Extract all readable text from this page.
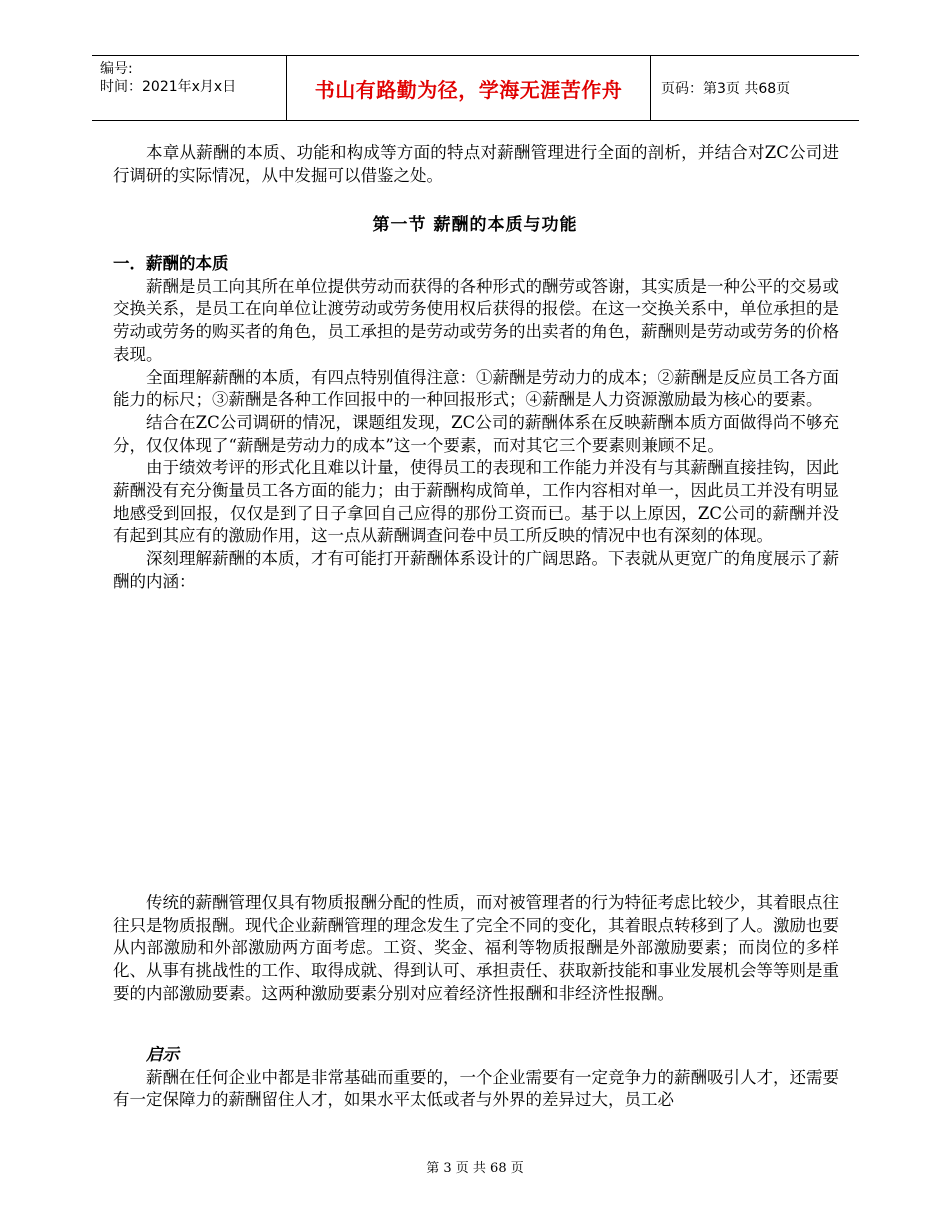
编号:
时间：2021年x月x日	书山有路勤为径，学海无涯苦作舟	页码：第3页 共68页

本章从薪酬的本质、功能和构成等方面的特点对薪酬管理进行全面的剖析，并结合对ZC公司进行调研的实际情况，从中发掘可以借鉴之处。

第一节 薪酬的本质与功能

一．薪酬的本质

薪酬是员工向其所在单位提供劳动而获得的各种形式的酬劳或答谢，其实质是一种公平的交易或交换关系，是员工在向单位让渡劳动或劳务使用权后获得的报偿。在这一交换关系中，单位承担的是劳动或劳务的购买者的角色，员工承担的是劳动或劳务的出卖者的角色，薪酬则是劳动或劳务的价格表现。

全面理解薪酬的本质，有四点特别值得注意：①薪酬是劳动力的成本；②薪酬是反应员工各方面能力的标尺；③薪酬是各种工作回报中的一种回报形式；④薪酬是人力资源激励最为核心的要素。

结合在ZC公司调研的情况，课题组发现，ZC公司的薪酬体系在反映薪酬本质方面做得尚不够充分，仅仅体现了“薪酬是劳动力的成本”这一个要素，而对其它三个要素则兼顾不足。

由于绩效考评的形式化且难以计量，使得员工的表现和工作能力并没有与其薪酬直接挂钩，因此薪酬没有充分衡量员工各方面的能力；由于薪酬构成简单，工作内容相对单一，因此员工并没有明显地感受到回报，仅仅是到了日子拿回自己应得的那份工资而已。基于以上原因，ZC公司的薪酬并没有起到其应有的激励作用，这一点从薪酬调查问卷中员工所反映的情况中也有深刻的体现。

深刻理解薪酬的本质，才有可能打开薪酬体系设计的广阔思路。下表就从更宽广的角度展示了薪酬的内涵：

传统的薪酬管理仅具有物质报酬分配的性质，而对被管理者的行为特征考虑比较少，其着眼点往往只是物质报酬。现代企业薪酬管理的理念发生了完全不同的变化，其着眼点转移到了人。激励也要从内部激励和外部激励两方面考虑。工资、奖金、福利等物质报酬是外部激励要素；而岗位的多样化、从事有挑战性的工作、取得成就、得到认可、承担责任、获取新技能和事业发展机会等等则是重要的内部激励要素。这两种激励要素分别对应着经济性报酬和非经济性报酬。

启示

薪酬在任何企业中都是非常基础而重要的，一个企业需要有一定竞争力的薪酬吸引人才，还需要有一定保障力的薪酬留住人才，如果水平太低或者与外界的差异过大，员工必

第 3 页 共 68 页
